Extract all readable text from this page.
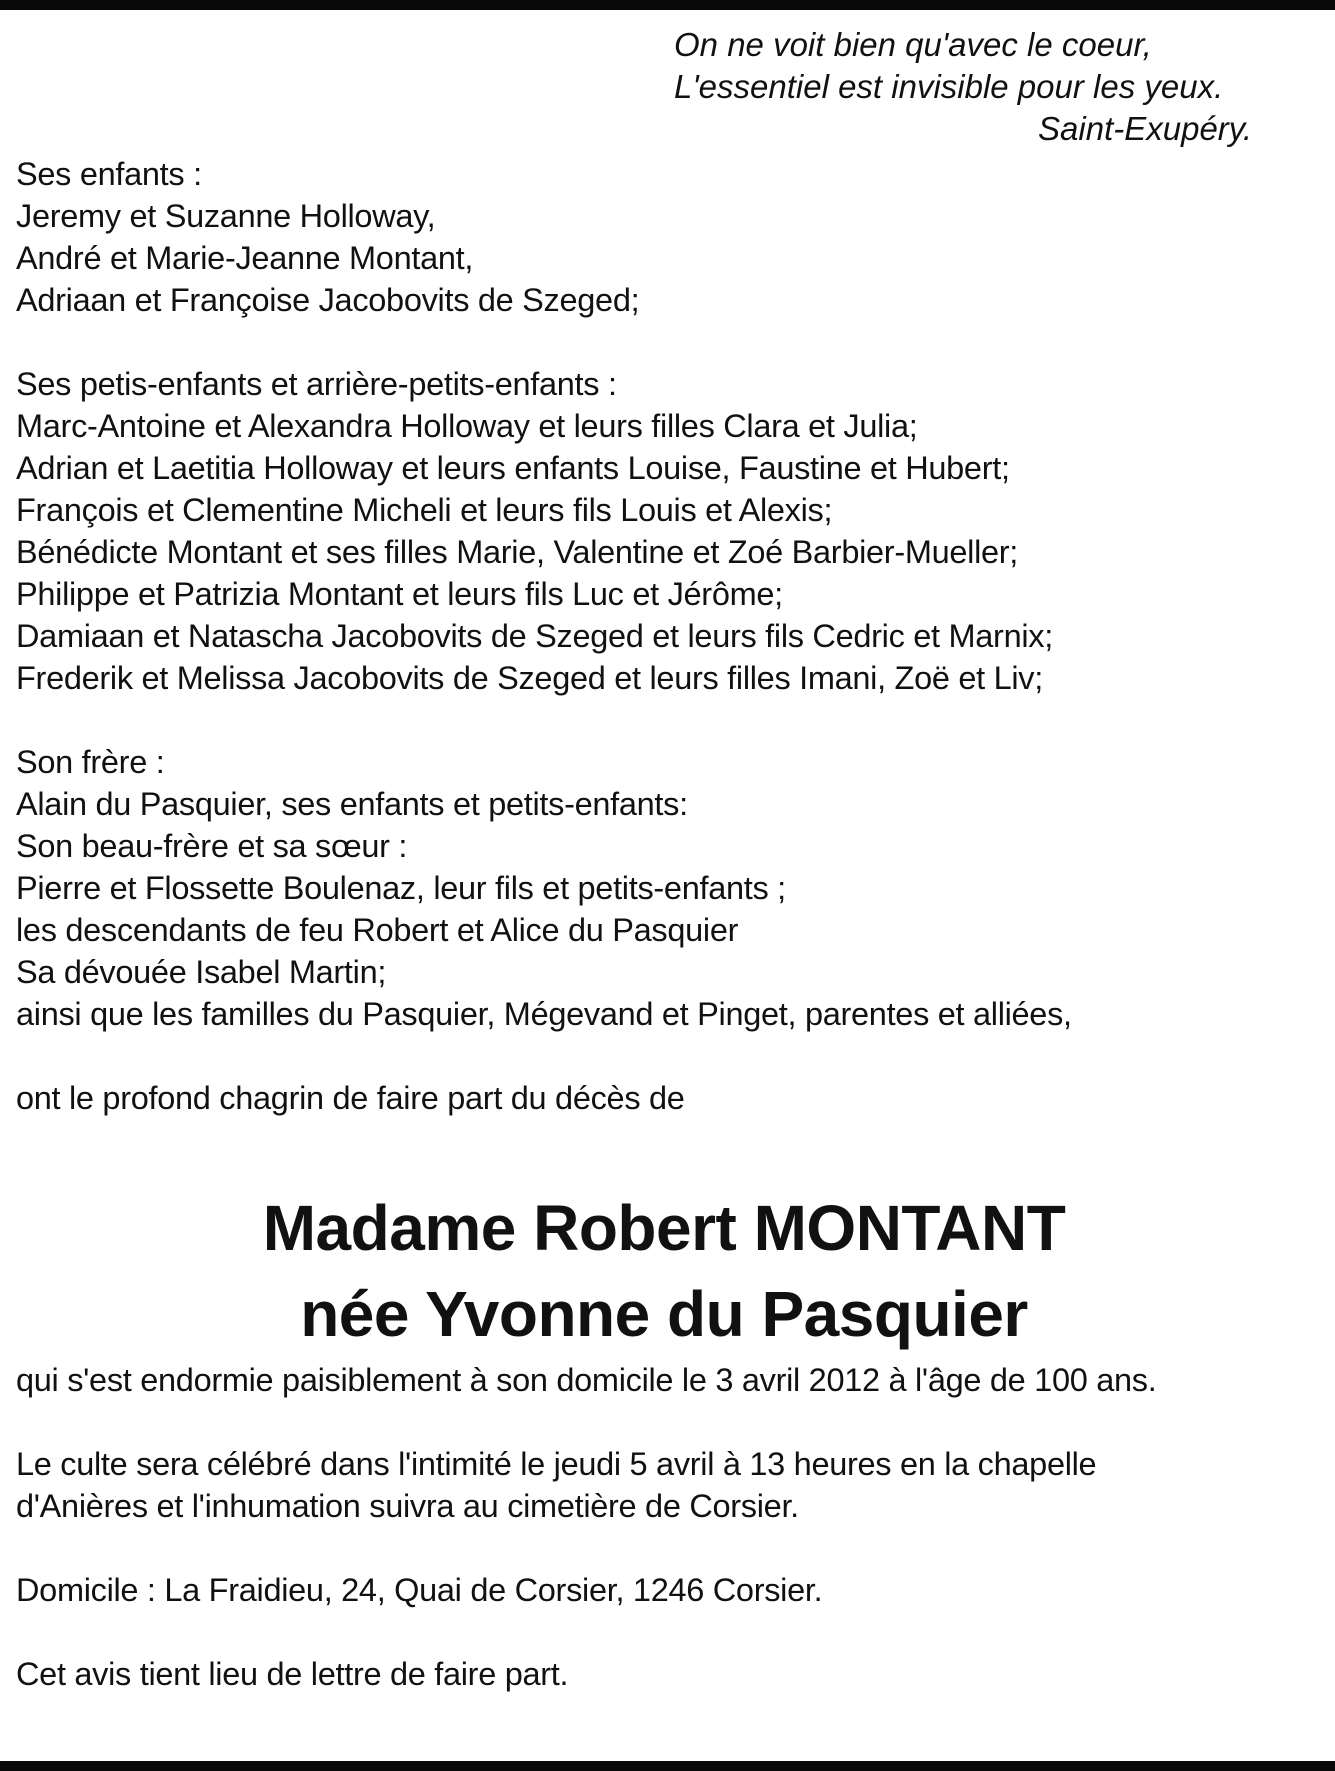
On ne voit bien qu'avec le coeur,
L'essentiel est invisible pour les yeux.
Saint-Exupéry.
Ses enfants :
Jeremy et Suzanne Holloway,
André et Marie-Jeanne Montant,
Adriaan et Françoise Jacobovits de Szeged;
Ses petis-enfants et arrière-petits-enfants :
Marc-Antoine et Alexandra Holloway et leurs filles Clara et Julia;
Adrian et Laetitia Holloway et leurs enfants Louise, Faustine et Hubert;
François et Clementine Micheli et leurs fils Louis et Alexis;
Bénédicte Montant et ses filles Marie, Valentine et Zoé Barbier-Mueller;
Philippe et Patrizia Montant et leurs fils Luc et Jérôme;
Damiaan et Natascha Jacobovits de Szeged et leurs fils Cedric et Marnix;
Frederik et Melissa Jacobovits de Szeged et leurs filles Imani, Zoë et Liv;
Son frère :
Alain du Pasquier, ses enfants et petits-enfants:
Son beau-frère et sa sœur :
Pierre et Flossette Boulenaz, leur fils et petits-enfants ;
les descendants de feu Robert et Alice du Pasquier
Sa dévouée Isabel Martin;
ainsi que les familles du Pasquier, Mégevand et Pinget, parentes et alliées,
ont le profond chagrin de faire part du décès de
Madame Robert MONTANT
née Yvonne du Pasquier
qui s'est endormie paisiblement à son domicile le 3 avril 2012 à l'âge de 100 ans.
Le culte sera célébré dans l'intimité le jeudi 5 avril à 13 heures en la chapelle
d'Anières et l'inhumation suivra au cimetière de Corsier.
Domicile : La Fraidieu, 24, Quai de Corsier, 1246 Corsier.
Cet avis tient lieu de lettre de faire part.
